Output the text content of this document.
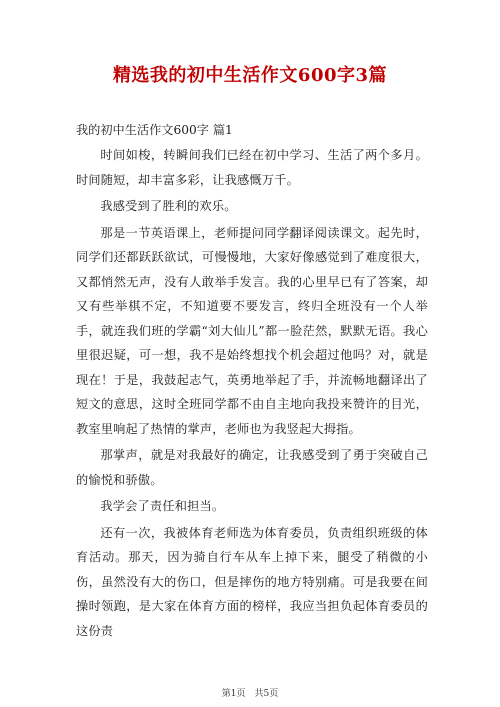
精选我的初中生活作文600字3篇

我的初中生活作文600字 篇1

时间如梭，转瞬间我们已经在初中学习、生活了两个多月。时间随短，却丰富多彩，让我感慨万千。

我感受到了胜利的欢乐。

那是一节英语课上，老师提问同学翻译阅读课文。起先时，同学们还都跃跃欲试，可慢慢地，大家好像感觉到了难度很大，又都悄然无声，没有人敢举手发言。我的心里早已有了答案，却又有些举棋不定，不知道要不要发言，终归全班没有一个人举手，就连我们班的学霸“刘大仙儿”都一脸茫然，默默无语。我心里很迟疑，可一想，我不是始终想找个机会超过他吗？对，就是现在！于是，我鼓起志气，英勇地举起了手，并流畅地翻译出了短文的意思，这时全班同学都不由自主地向我投来赞许的目光，教室里响起了热情的掌声，老师也为我竖起大拇指。

那掌声，就是对我最好的确定，让我感受到了勇于突破自己的愉悦和骄傲。

我学会了责任和担当。

还有一次，我被体育老师选为体育委员，负责组织班级的体育活动。那天，因为骑自行车从车上掉下来，腿受了稍微的小伤，虽然没有大的伤口，但是摔伤的地方特别痛。可是我要在间操时领跑，是大家在体育方面的榜样，我应当担负起体育委员的这份责

第1页　共5页
